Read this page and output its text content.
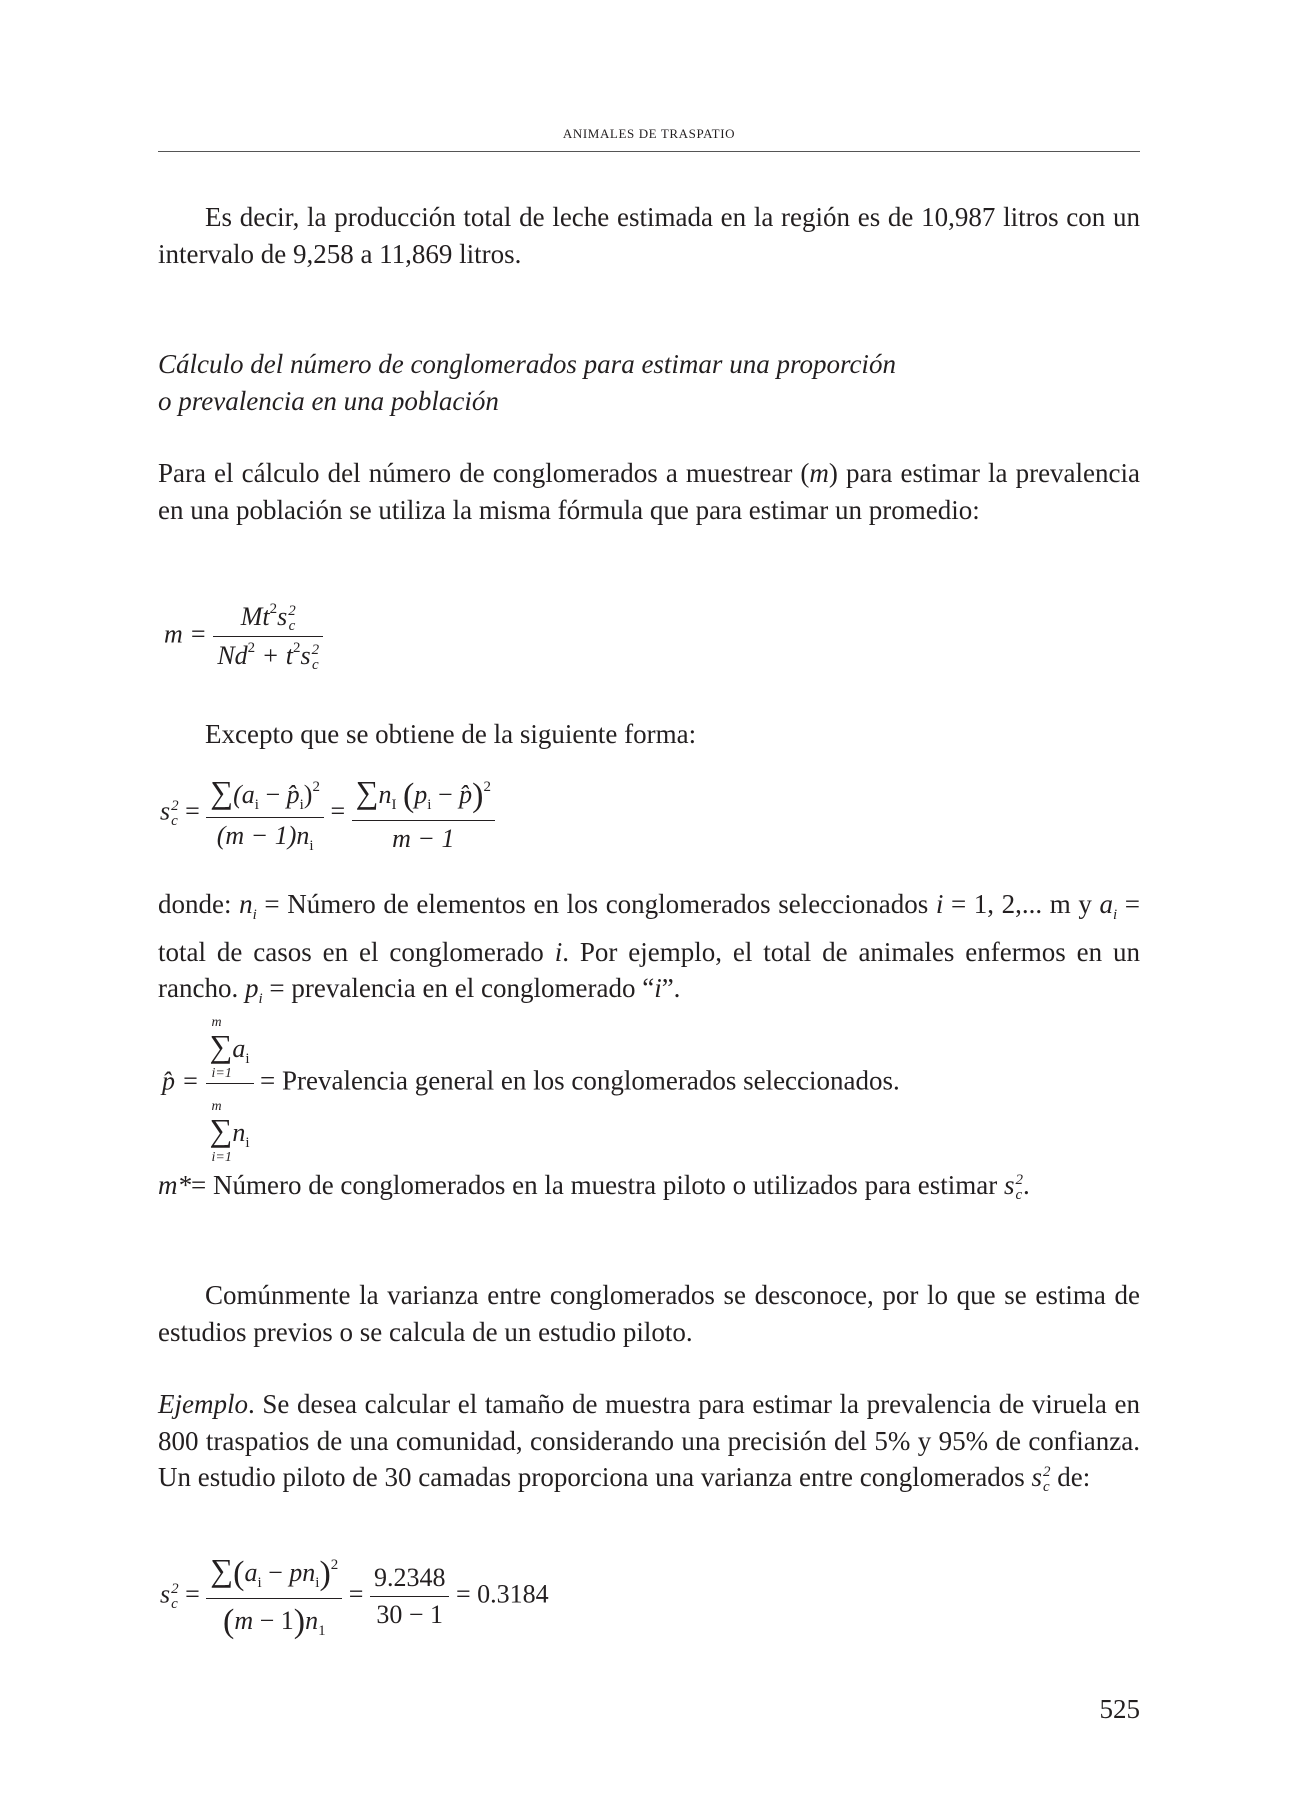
ANIMALES DE TRASPATIO
Es decir, la producción total de leche estimada en la región es de 10,987 litros con un intervalo de 9,258 a 11,869 litros.
Cálculo del número de conglomerados para estimar una proporción
o prevalencia en una población
Para el cálculo del número de conglomerados a muestrear (m) para estimar la prevalencia en una población se utiliza la misma fórmula que para estimar un promedio:
$m = Mt^2s$ 2
c
$Nd^2 + t^2s$ 2
c
Excepto que se obtiene de la siguiente forma:
s 2
$c = \frac{\sum(a_i - p̂_i)^2}{(m - 1)n_i} = \frac{\sum n_I (p_i - p̂)^2}{m - 1}$
donde: $n_i$ = Número de elementos en los conglomerados seleccionados i = 1, 2,... m y $a_i$ = total de casos en el conglomerado i. Por ejemplo, el total de animales enfermos en un rancho. $p_i$ = prevalencia en el conglomerado “i”.
p̂ = m
$\sum a_i$
i=1
m
$\sum n_i$
i=1 = Prevalencia general en los conglomerados seleccionados.
m*= Número de conglomerados en la muestra piloto o utilizados para estimar s 2
c .
Comúnmente la varianza entre conglomerados se desconoce, por lo que se estima de estudios previos o se calcula de un estudio piloto.
Ejemplo. Se desea calcular el tamaño de muestra para estimar la prevalencia de viruela en 800 traspatios de una comunidad, considerando una precisión del 5% y 95% de confianza. Un estudio piloto de 30 camadas proporciona una varianza entre conglomerados s 2
c de:
s 2
$c = \frac{\sum(a_i - pn_i)^2}{(m - 1)n_1} = \frac{9.2348}{30 - 1} = 0.3184$
525
